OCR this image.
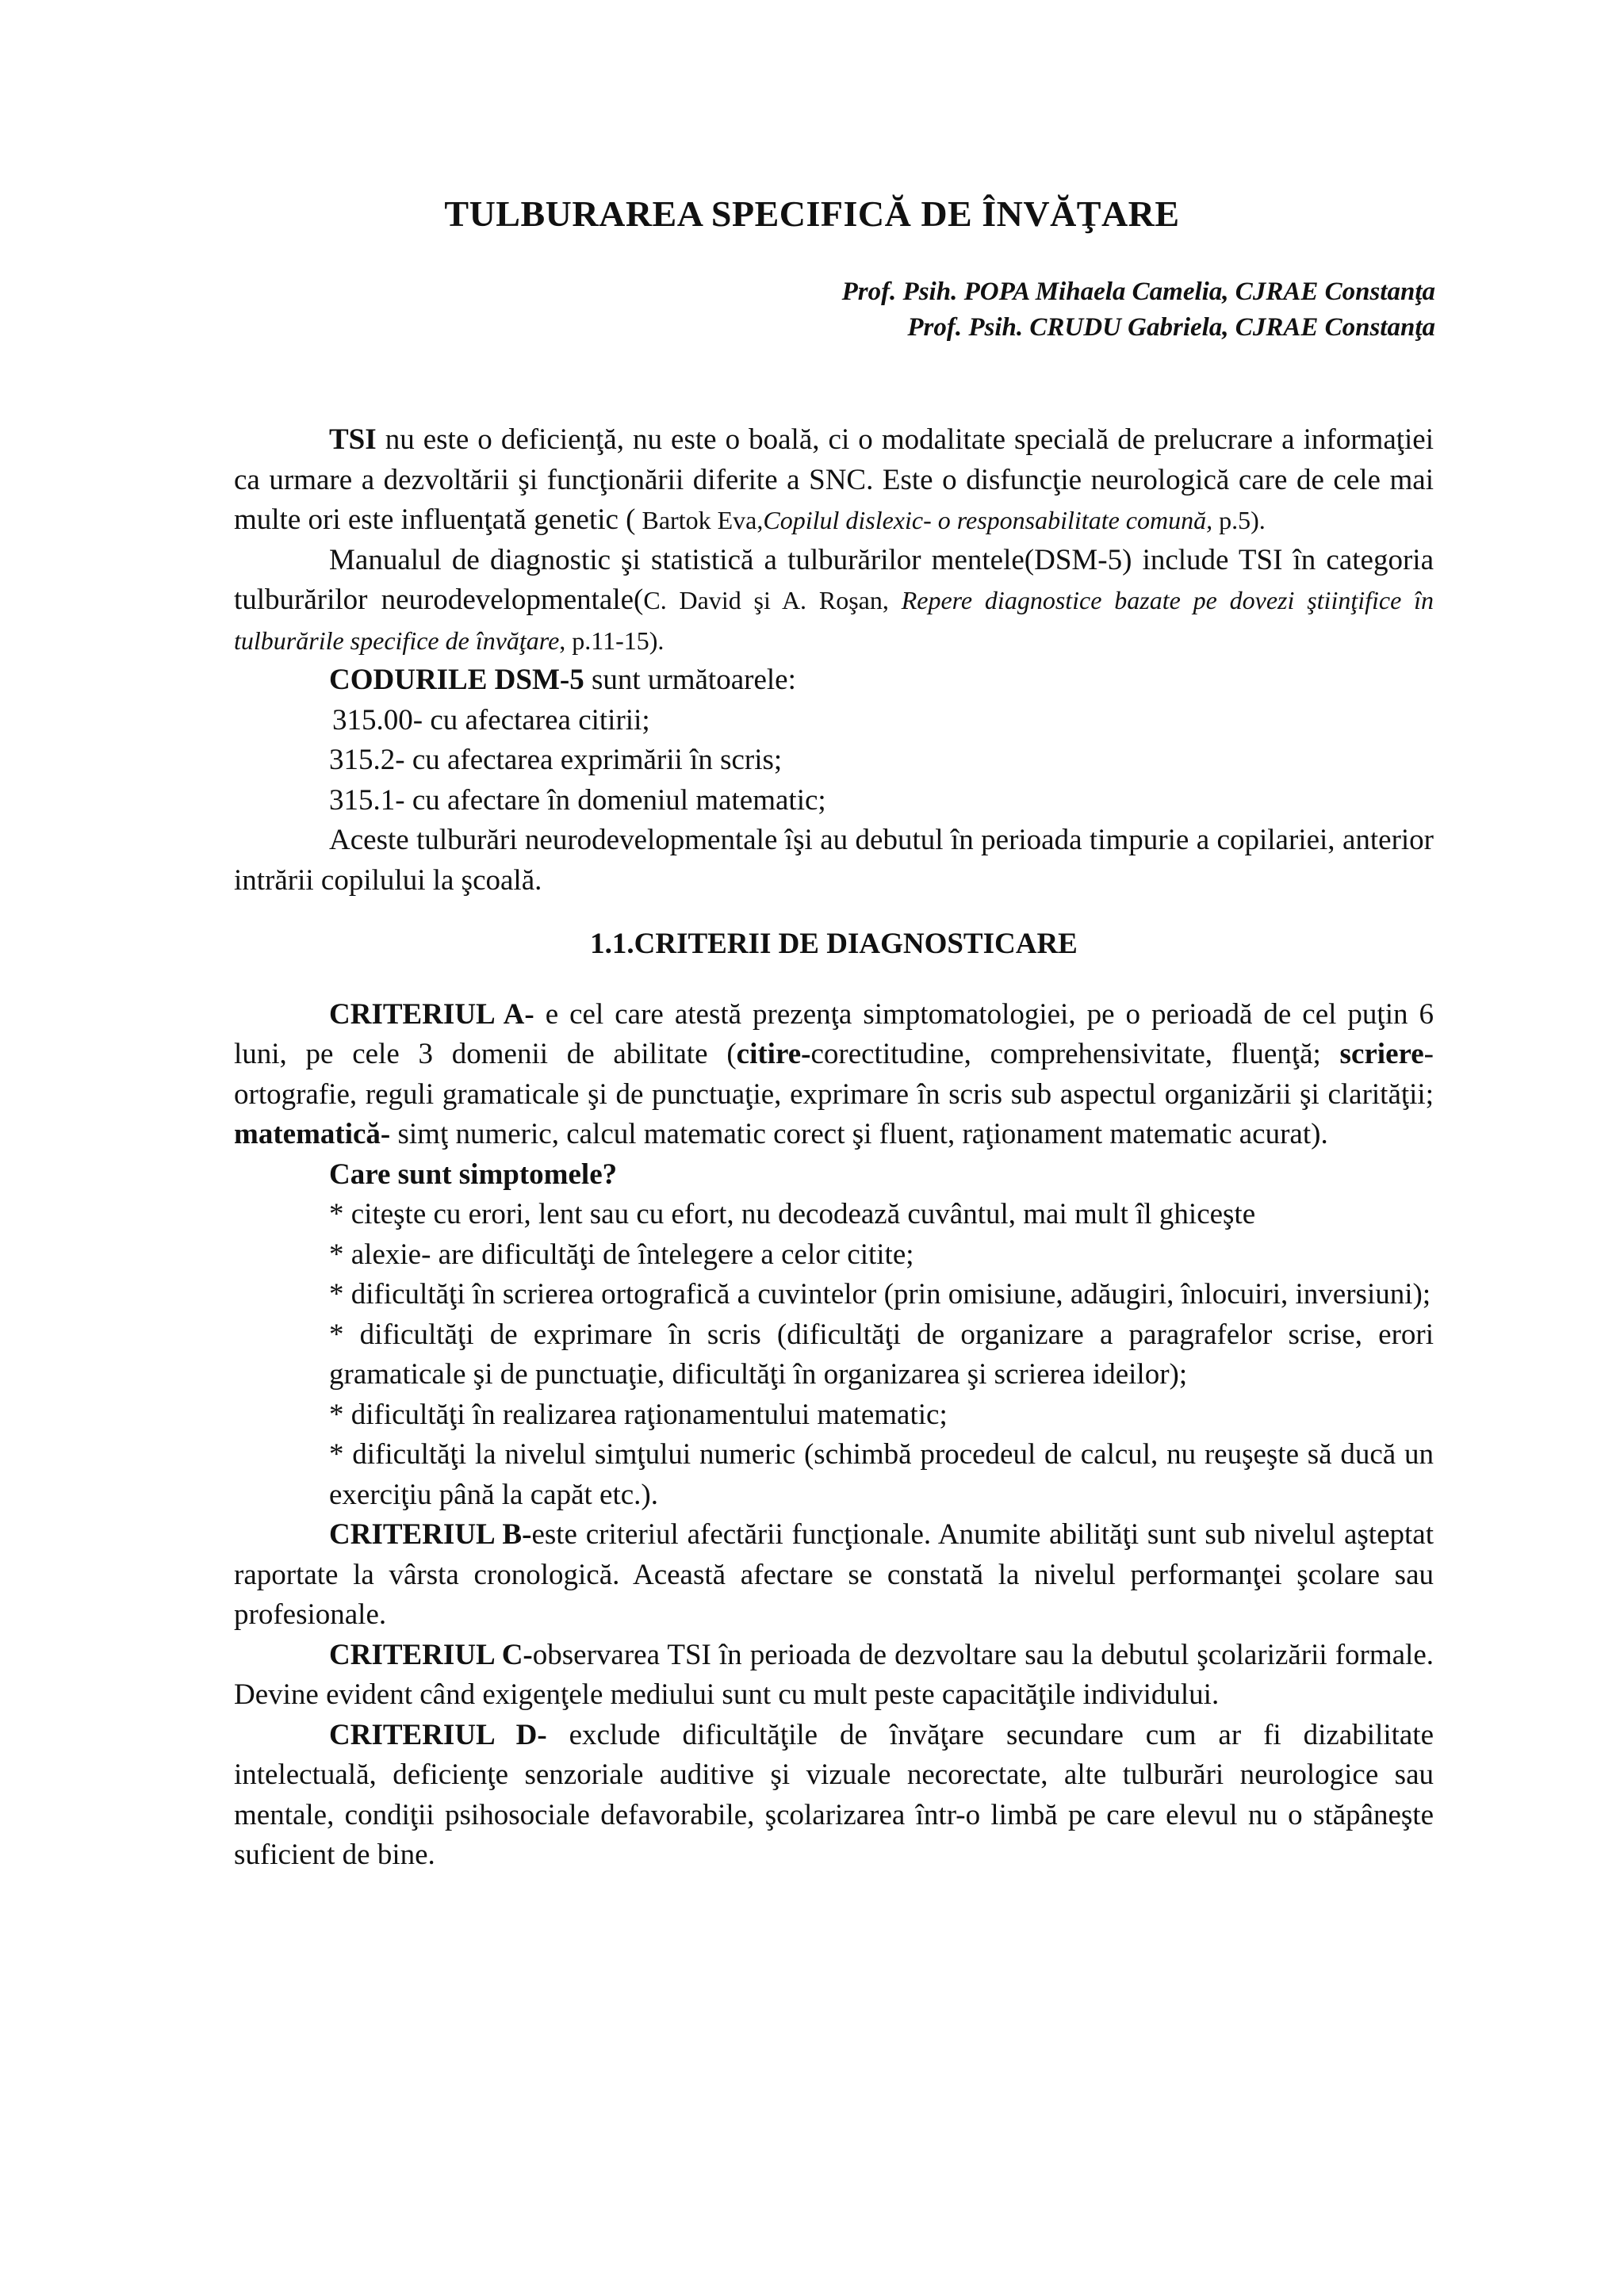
TULBURAREA SPECIFICĂ DE ÎNVĂŢARE
Prof. Psih. POPA Mihaela Camelia, CJRAE Constanţa
Prof. Psih. CRUDU Gabriela, CJRAE Constanţa

TSI nu este o deficienţă, nu este o boală, ci o modalitate specială de prelucrare a informaţiei ca urmare a dezvoltării şi funcţionării diferite a SNC. Este o disfuncţie neurologică care de cele mai multe ori este influenţată genetic ( Bartok Eva,Copilul dislexic- o responsabilitate comună, p.5).

Manualul de diagnostic şi statistică a tulburărilor mentele(DSM-5) include TSI în categoria tulburărilor neurodevelopmentale(C. David şi A. Roşan, Repere diagnostice bazate pe dovezi ştiinţifice în tulburările specifice de învăţare, p.11-15).

CODURILE DSM-5 sunt următoarele:

315.00- cu afectarea citirii;

315.2- cu afectarea exprimării în scris;

315.1- cu afectare în domeniul matematic;

Aceste tulburări neurodevelopmentale îşi au debutul în perioada timpurie a copilariei, anterior intrării copilului la şcoală.

1.1.CRITERII DE DIAGNOSTICARE

CRITERIUL A- e cel care atestă prezenţa simptomatologiei, pe o perioadă de cel puţin 6 luni, pe cele 3 domenii de abilitate (citire-corectitudine, comprehensivitate, fluenţă; scriere- ortografie, reguli gramaticale şi de punctuaţie, exprimare în scris sub aspectul organizării şi clarităţii; matematică- simţ numeric, calcul matematic corect şi fluent, raţionament matematic acurat).

Care sunt simptomele?

* citeşte cu erori, lent sau cu efort, nu decodează cuvântul, mai mult îl ghiceşte

* alexie- are dificultăţi de întelegere a celor citite;

* dificultăţi în scrierea ortografică a cuvintelor (prin omisiune, adăugiri, înlocuiri, inversiuni);

* dificultăţi de exprimare în scris (dificultăţi de organizare a paragrafelor scrise, erori gramaticale şi de punctuaţie, dificultăţi în organizarea şi scrierea ideilor);

* dificultăţi în realizarea raţionamentului matematic;

* dificultăţi la nivelul simţului numeric (schimbă procedeul de calcul, nu reuşeşte să ducă un exerciţiu până la capăt etc.).

CRITERIUL B-este criteriul afectării funcţionale. Anumite abilităţi sunt sub nivelul aşteptat raportate la vârsta cronologică. Această afectare se constată la nivelul performanţei şcolare sau profesionale.

CRITERIUL C-observarea TSI în perioada de dezvoltare sau la debutul şcolarizării formale. Devine evident când exigenţele mediului sunt cu mult peste capacităţile individului.

CRITERIUL D- exclude dificultăţile de învăţare secundare cum ar fi dizabilitate intelectuală, deficienţe senzoriale auditive şi vizuale necorectate, alte tulburări neurologice sau mentale, condiţii psihosociale defavorabile, şcolarizarea într-o limbă pe care elevul nu o stăpâneşte suficient de bine.
